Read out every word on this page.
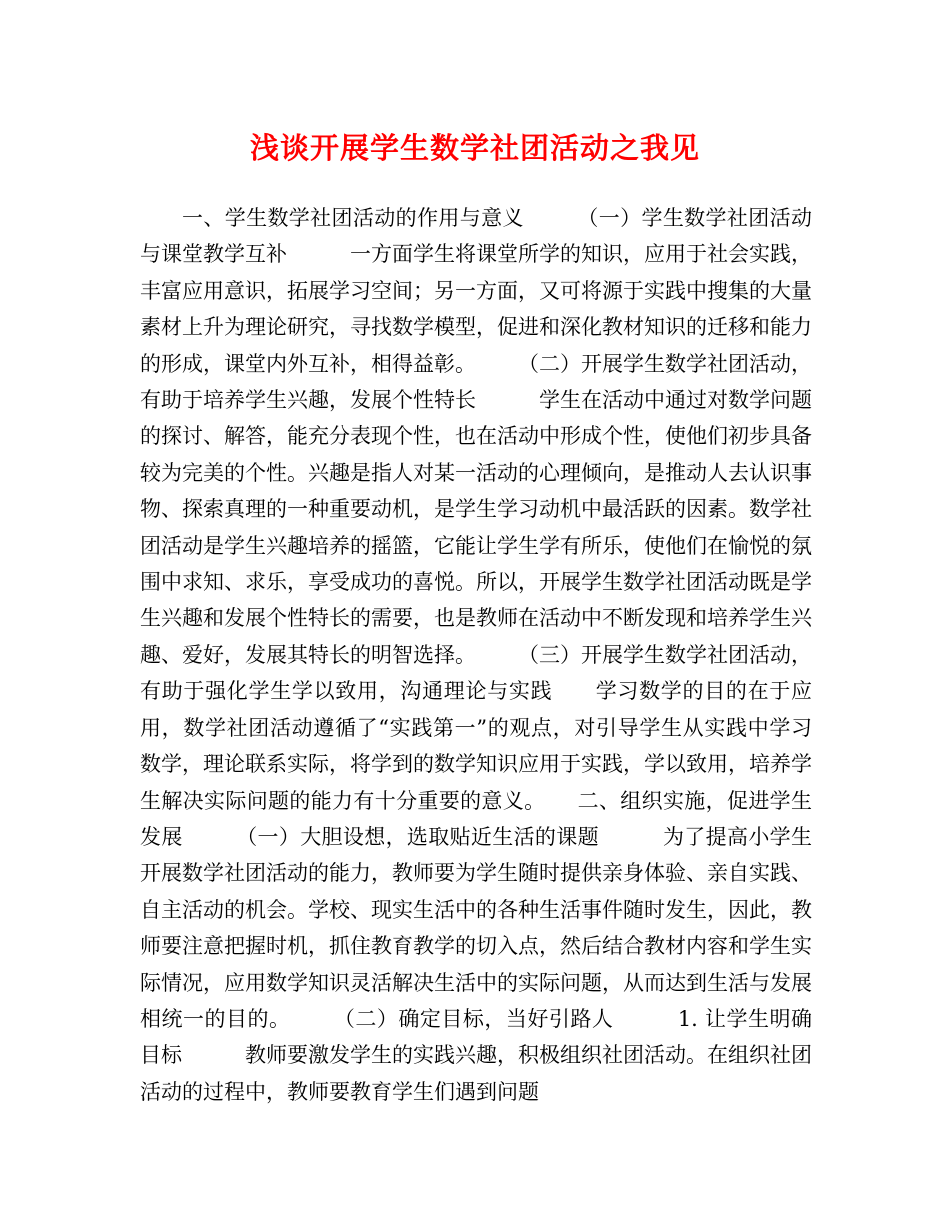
浅谈开展学生数学社团活动之我见
一、学生数学社团活动的作用与意义　　　（一）学生数学社团活动与课堂教学互补　　　一方面学生将课堂所学的知识，应用于社会实践，丰富应用意识，拓展学习空间；另一方面，又可将源于实践中搜集的大量素材上升为理论研究，寻找数学模型，促进和深化教材知识的迁移和能力的形成，课堂内外互补，相得益彰。　　　（二）开展学生数学社团活动，有助于培养学生兴趣，发展个性特长　　　学生在活动中通过对数学问题的探讨、解答，能充分表现个性，也在活动中形成个性，使他们初步具备较为完美的个性。兴趣是指人对某一活动的心理倾向，是推动人去认识事物、探索真理的一种重要动机，是学生学习动机中最活跃的因素。数学社团活动是学生兴趣培养的摇篮，它能让学生学有所乐，使他们在愉悦的氛围中求知、求乐，享受成功的喜悦。所以，开展学生数学社团活动既是学生兴趣和发展个性特长的需要，也是教师在活动中不断发现和培养学生兴趣、爱好，发展其特长的明智选择。　　　（三）开展学生数学社团活动，有助于强化学生学以致用，沟通理论与实践　　学习数学的目的在于应用，数学社团活动遵循了“实践第一”的观点，对引导学生从实践中学习数学，理论联系实际，将学到的数学知识应用于实践，学以致用，培养学生解决实际问题的能力有十分重要的意义。　　二、组织实施，促进学生发展　　　（一）大胆设想，选取贴近生活的课题　　　为了提高小学生开展数学社团活动的能力，教师要为学生随时提供亲身体验、亲自实践、自主活动的机会。学校、现实生活中的各种生活事件随时发生，因此，教师要注意把握时机，抓住教育教学的切入点，然后结合教材内容和学生实际情况，应用数学知识灵活解决生活中的实际问题，从而达到生活与发展相统一的目的。　　　（二）确定目标，当好引路人　　　1. 让学生明确目标　　　教师要激发学生的实践兴趣，积极组织社团活动。在组织社团活动的过程中，教师要教育学生们遇到问题
